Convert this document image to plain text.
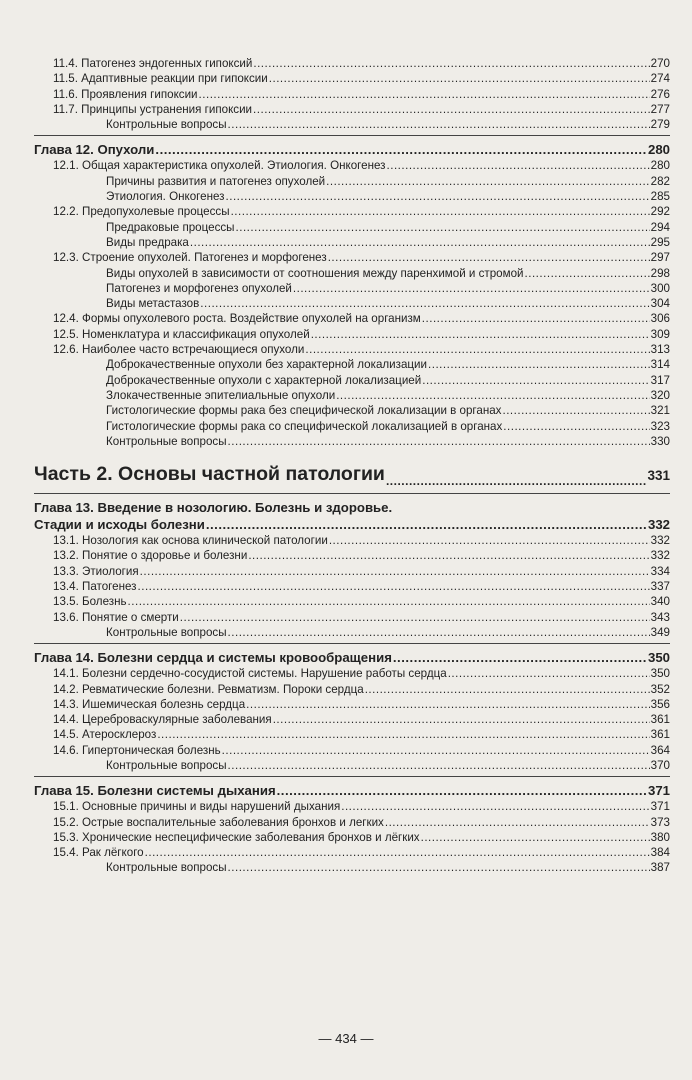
11.4. Патогенез эндогенных гипоксий .....	270
11.5. Адаптивные реакции при гипоксии .....	274
11.6. Проявления гипоксии .....	276
11.7. Принципы устранения гипоксии .....	277
Контрольные вопросы .....	279
Глава 12. Опухоли .....	280
12.1. Общая характеристика опухолей. Этиология. Онкогенез .....	280
Причины развития и патогенез опухолей .....	282
Этиология. Онкогенез .....	285
12.2. Предопухолевые процессы .....	292
Предраковые процессы .....	294
Виды предрака .....	295
12.3. Строение опухолей. Патогенез и морфогенез .....	297
Виды опухолей в зависимости от соотношения между паренхимой и стромой .....	298
Патогенез и морфогенез опухолей .....	300
Виды метастазов .....	304
12.4. Формы опухолевого роста. Воздействие опухолей на организм .....	306
12.5. Номенклатура и классификация опухолей .....	309
12.6. Наиболее часто встречающиеся опухоли .....	313
Доброкачественные опухоли без характерной локализации .....	314
Доброкачественные опухоли с характерной локализацией .....	317
Злокачественные эпителиальные опухоли .....	320
Гистологические формы рака без специфической локализации в органах .....	321
Гистологические формы рака со специфической локализацией в органах .....	323
Контрольные вопросы .....	330
Часть 2. Основы частной патологии .....	331
Глава 13. Введение в нозологию. Болезнь и здоровье.
Стадии и исходы болезни .....	332
13.1. Нозология как основа клинической патологии .....	332
13.2. Понятие о здоровье и болезни .....	332
13.3. Этиология .....	334
13.4. Патогенез .....	337
13.5. Болезнь .....	340
13.6. Понятие о смерти .....	343
Контрольные вопросы .....	349
Глава 14. Болезни сердца и системы кровообращения .....	350
14.1. Болезни сердечно-сосудистой системы. Нарушение работы сердца .....	350
14.2. Ревматические болезни. Ревматизм. Пороки сердца .....	352
14.3. Ишемическая болезнь сердца .....	356
14.4. Цереброваскулярные заболевания .....	361
14.5. Атеросклероз .....	361
14.6. Гипертоническая болезнь .....	364
Контрольные вопросы .....	370
Глава 15. Болезни системы дыхания .....	371
15.1. Основные причины и виды нарушений дыхания .....	371
15.2. Острые воспалительные заболевания бронхов и легких .....	373
15.3. Хронические неспецифические заболевания бронхов и лёгких .....	380
15.4. Рак лёгкого .....	384
Контрольные вопросы .....	387
— 434 —
